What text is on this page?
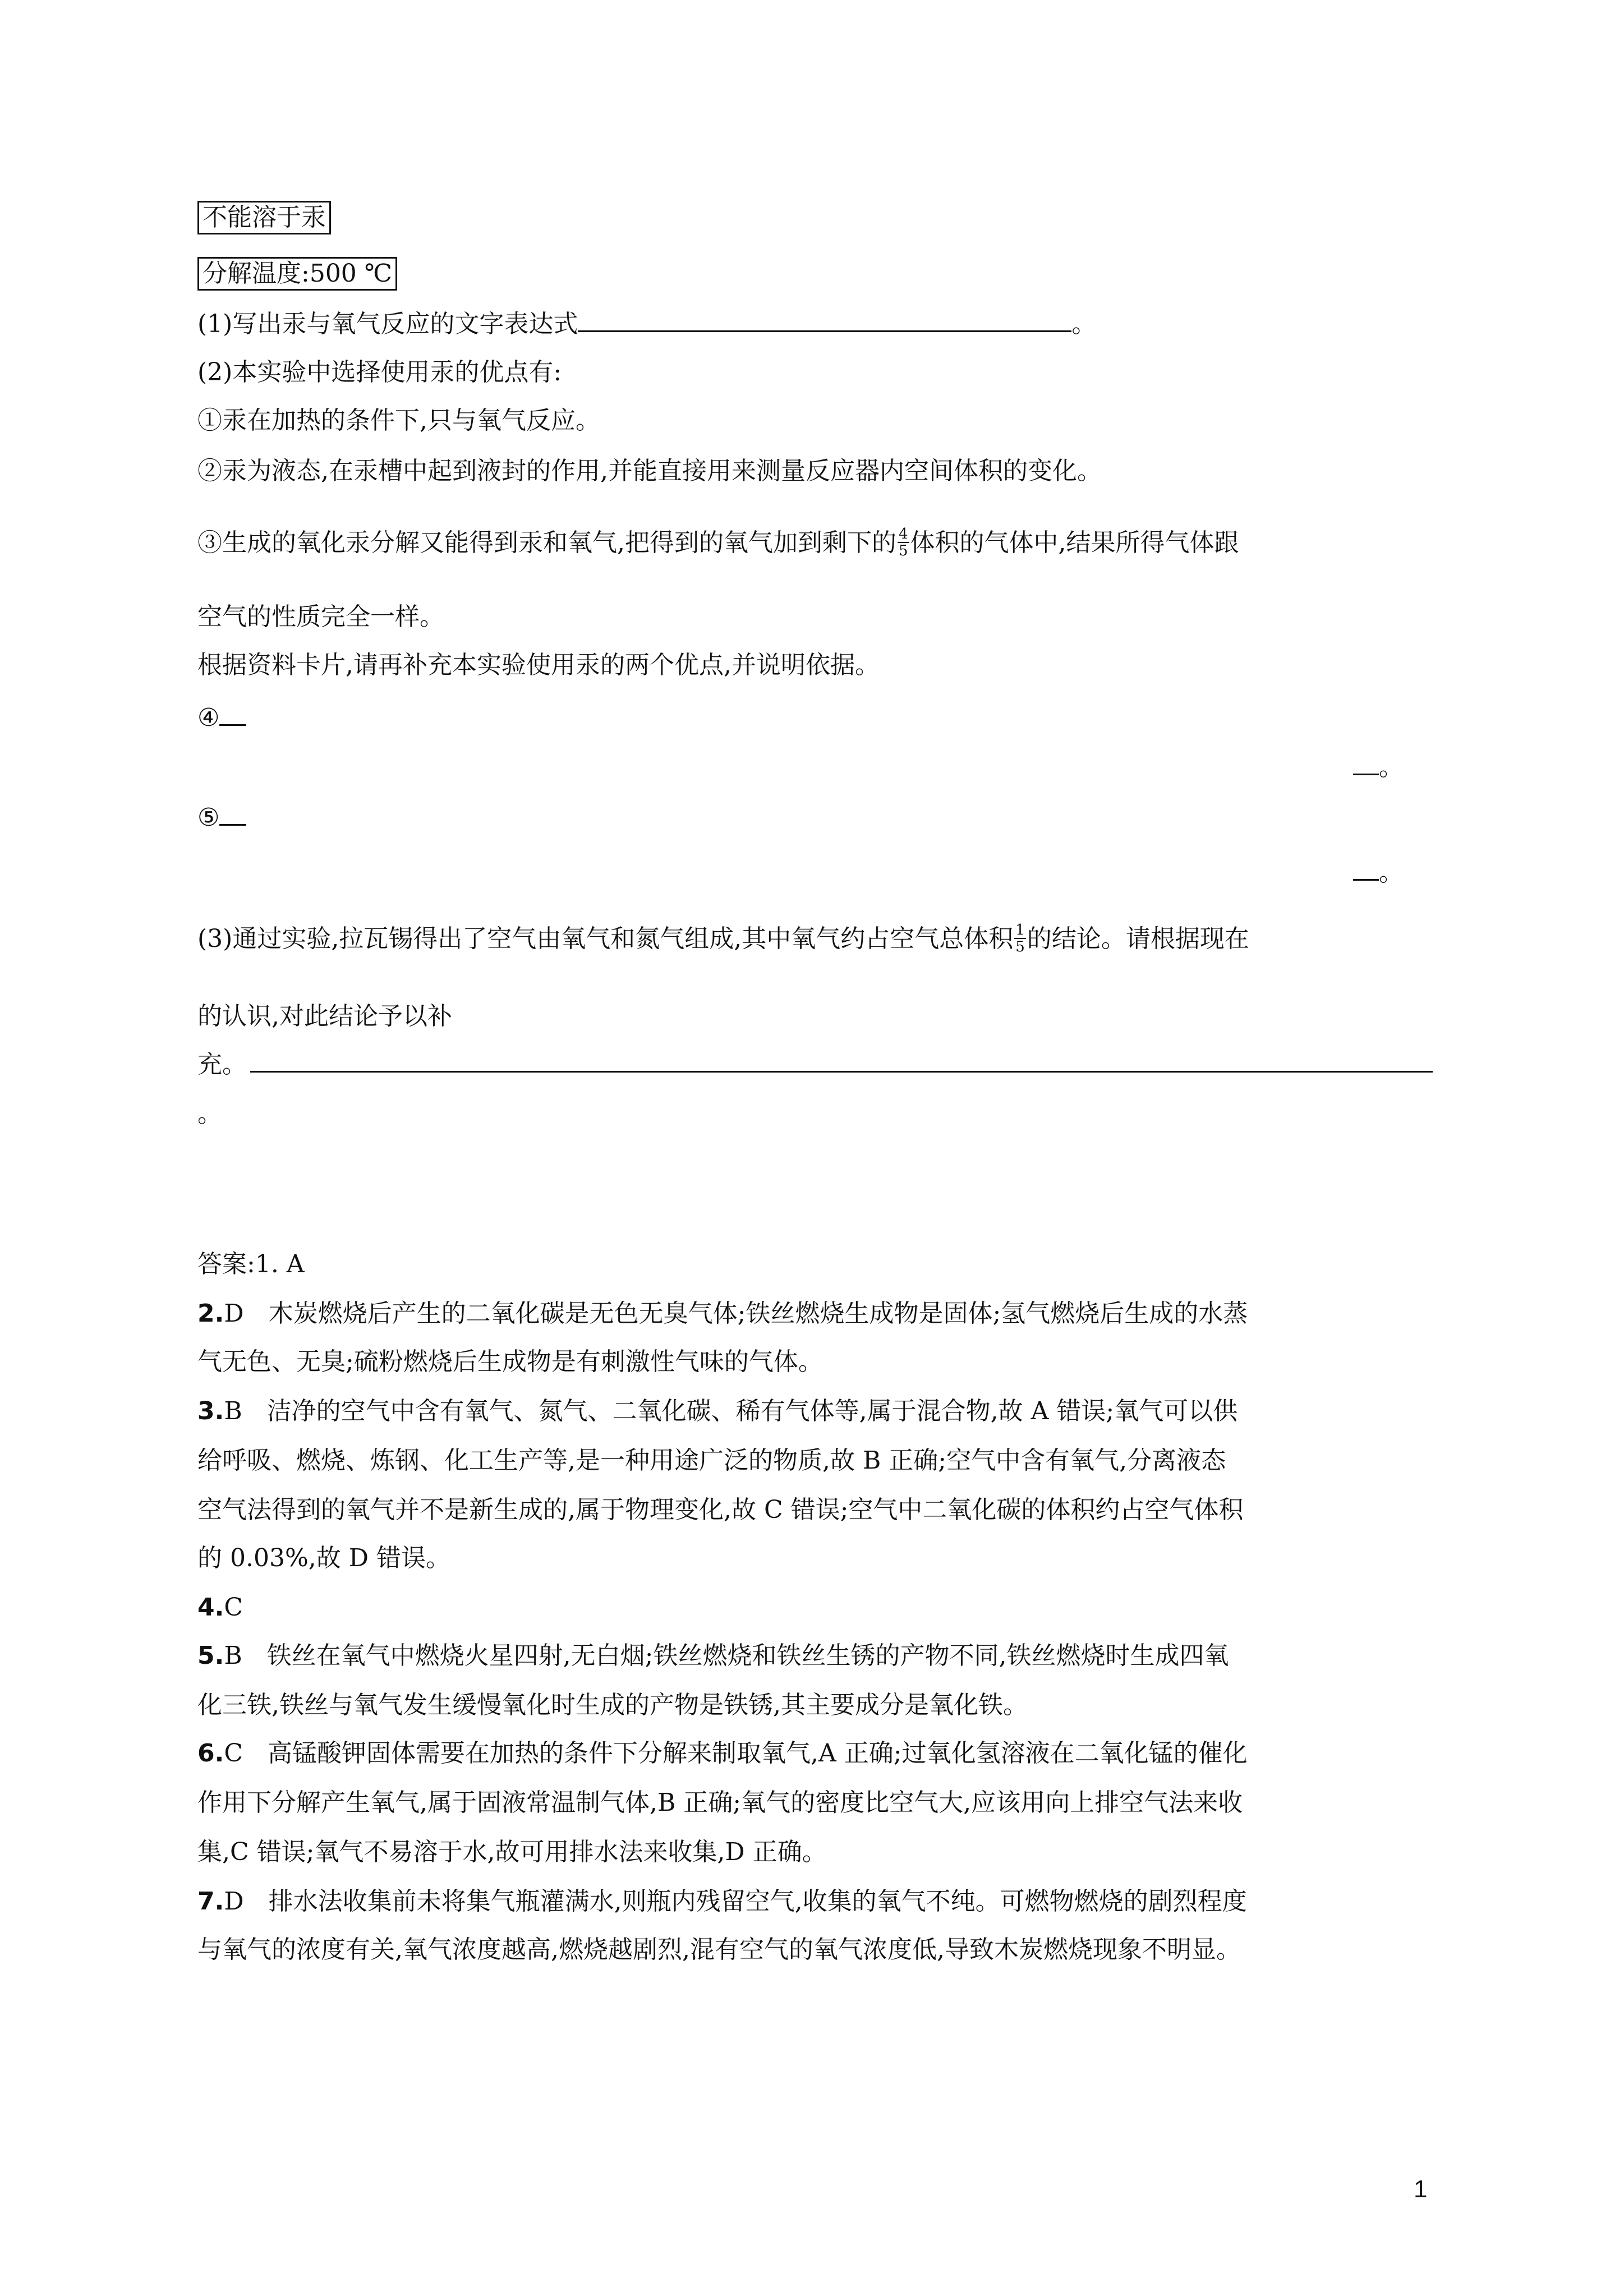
不能溶于汞
分解温度:500 ℃
(1)写出汞与氧气反应的文字表达式	。
(2)本实验中选择使用汞的优点有:
①汞在加热的条件下,只与氧气反应。
②汞为液态,在汞槽中起到液封的作用,并能直接用来测量反应器内空间体积的变化。
③生成的氧化汞分解又能得到汞和氧气,把得到的氧气加到剩下的 $\frac{4}{5}$ 体积的气体中,结果所得气体跟
空气的性质完全一样。
根据资料卡片,请再补充本实验使用汞的两个优点,并说明依据。
④
。
⑤
。
(3)通过实验,拉瓦锡得出了空气由氧气和氮气组成,其中氧气约占空气总体积 $\frac{1}{5}$ 的结论。请根据现在
的认识,对此结论予以补
充。
。
答案:1. A
2.D　木炭燃烧后产生的二氧化碳是无色无臭气体;铁丝燃烧生成物是固体;氢气燃烧后生成的水蒸
气无色、无臭;硫粉燃烧后生成物是有刺激性气味的气体。
3.B　洁净的空气中含有氧气、氮气、二氧化碳、稀有气体等,属于混合物,故 A 错误;氧气可以供
给呼吸、燃烧、炼钢、化工生产等,是一种用途广泛的物质,故 B 正确;空气中含有氧气,分离液态
空气法得到的氧气并不是新生成的,属于物理变化,故 C 错误;空气中二氧化碳的体积约占空气体积
的 0.03%,故 D 错误。
4.C
5.B　铁丝在氧气中燃烧火星四射,无白烟;铁丝燃烧和铁丝生锈的产物不同,铁丝燃烧时生成四氧
化三铁,铁丝与氧气发生缓慢氧化时生成的产物是铁锈,其主要成分是氧化铁。
6.C　高锰酸钾固体需要在加热的条件下分解来制取氧气,A 正确;过氧化氢溶液在二氧化锰的催化
作用下分解产生氧气,属于固液常温制气体,B 正确;氧气的密度比空气大,应该用向上排空气法来收
集,C 错误;氧气不易溶于水,故可用排水法来收集,D 正确。
7.D　排水法收集前未将集气瓶灌满水,则瓶内残留空气,收集的氧气不纯。可燃物燃烧的剧烈程度
与氧气的浓度有关,氧气浓度越高,燃烧越剧烈,混有空气的氧气浓度低,导致木炭燃烧现象不明显。
1
